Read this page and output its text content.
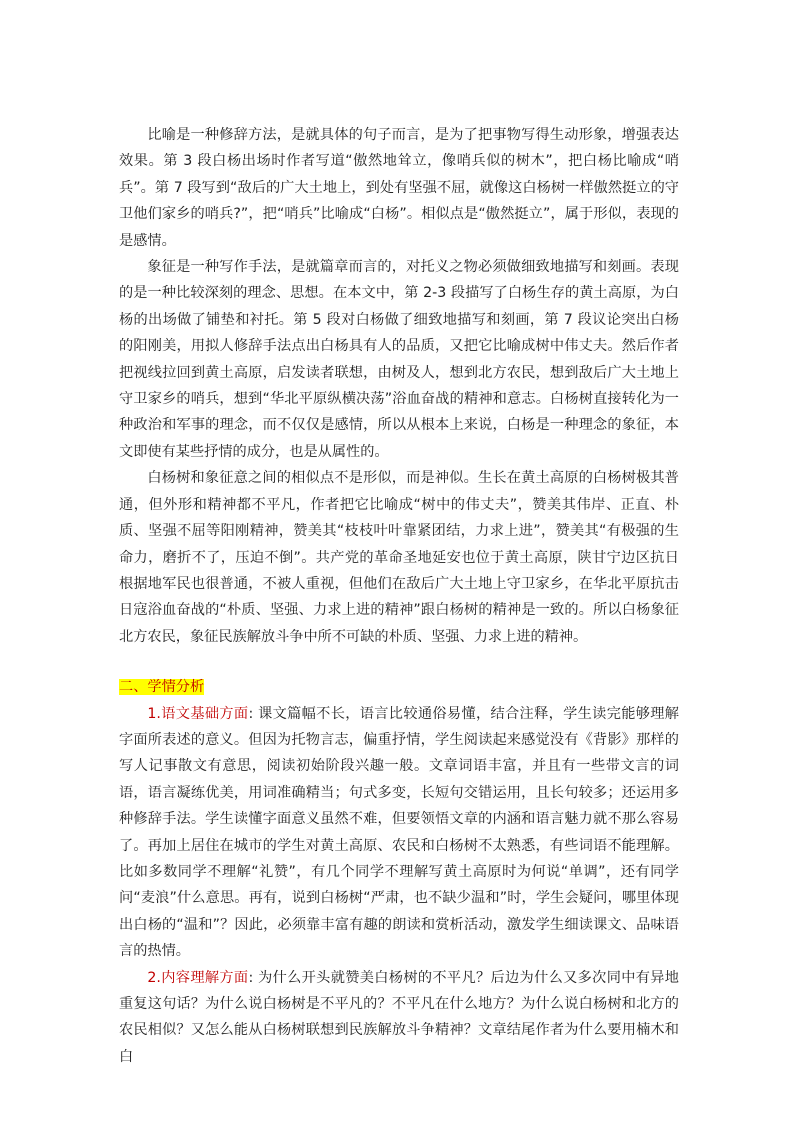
比喻是一种修辞方法，是就具体的句子而言，是为了把事物写得生动形象，增强表达效果。第 3 段白杨出场时作者写道“傲然地耸立，像哨兵似的树木”，把白杨比喻成“哨兵”。第 7 段写到“敌后的广大土地上，到处有坚强不屈，就像这白杨树一样傲然挺立的守卫他们家乡的哨兵?”，把“哨兵”比喻成“白杨”。相似点是“傲然挺立”，属于形似，表现的是感情。

象征是一种写作手法，是就篇章而言的，对托义之物必须做细致地描写和刻画。表现的是一种比较深刻的理念、思想。在本文中，第 2-3 段描写了白杨生存的黄土高原，为白杨的出场做了铺垫和衬托。第 5 段对白杨做了细致地描写和刻画，第 7 段议论突出白杨的阳刚美，用拟人修辞手法点出白杨具有人的品质，又把它比喻成树中伟丈夫。然后作者把视线拉回到黄土高原，启发读者联想，由树及人，想到北方农民，想到敌后广大土地上守卫家乡的哨兵，想到“华北平原纵横决荡”浴血奋战的精神和意志。白杨树直接转化为一种政治和军事的理念，而不仅仅是感情，所以从根本上来说，白杨是一种理念的象征，本文即使有某些抒情的成分，也是从属性的。

白杨树和象征意之间的相似点不是形似，而是神似。生长在黄土高原的白杨树极其普通，但外形和精神都不平凡，作者把它比喻成“树中的伟丈夫”，赞美其伟岸、正直、朴质、坚强不屈等阳刚精神，赞美其“枝枝叶叶靠紧团结，力求上进”，赞美其“有极强的生命力，磨折不了，压迫不倒”。共产党的革命圣地延安也位于黄土高原，陕甘宁边区抗日根据地军民也很普通，不被人重视，但他们在敌后广大土地上守卫家乡，在华北平原抗击日寇浴血奋战的“朴质、坚强、力求上进的精神”跟白杨树的精神是一致的。所以白杨象征北方农民，象征民族解放斗争中所不可缺的朴质、坚强、力求上进的精神。

二、学情分析

1.语文基础方面: 课文篇幅不长，语言比较通俗易懂，结合注释，学生读完能够理解字面所表述的意义。但因为托物言志，偏重抒情，学生阅读起来感觉没有《背影》那样的写人记事散文有意思，阅读初始阶段兴趣一般。文章词语丰富，并且有一些带文言的词语，语言凝练优美，用词准确精当；句式多变，长短句交错运用，且长句较多；还运用多种修辞手法。学生读懂字面意义虽然不难，但要领悟文章的内涵和语言魅力就不那么容易了。再加上居住在城市的学生对黄土高原、农民和白杨树不太熟悉，有些词语不能理解。比如多数同学不理解“礼赞”，有几个同学不理解写黄土高原时为何说“单调”，还有同学问“麦浪”什么意思。再有，说到白杨树“严肃，也不缺少温和”时，学生会疑问，哪里体现出白杨的“温和”？因此，必须靠丰富有趣的朗读和赏析活动，激发学生细读课文、品味语言的热情。

2.内容理解方面: 为什么开头就赞美白杨树的不平凡？后边为什么又多次同中有异地重复这句话？为什么说白杨树是不平凡的？不平凡在什么地方？为什么说白杨树和北方的农民相似？又怎么能从白杨树联想到民族解放斗争精神？文章结尾作者为什么要用楠木和白
